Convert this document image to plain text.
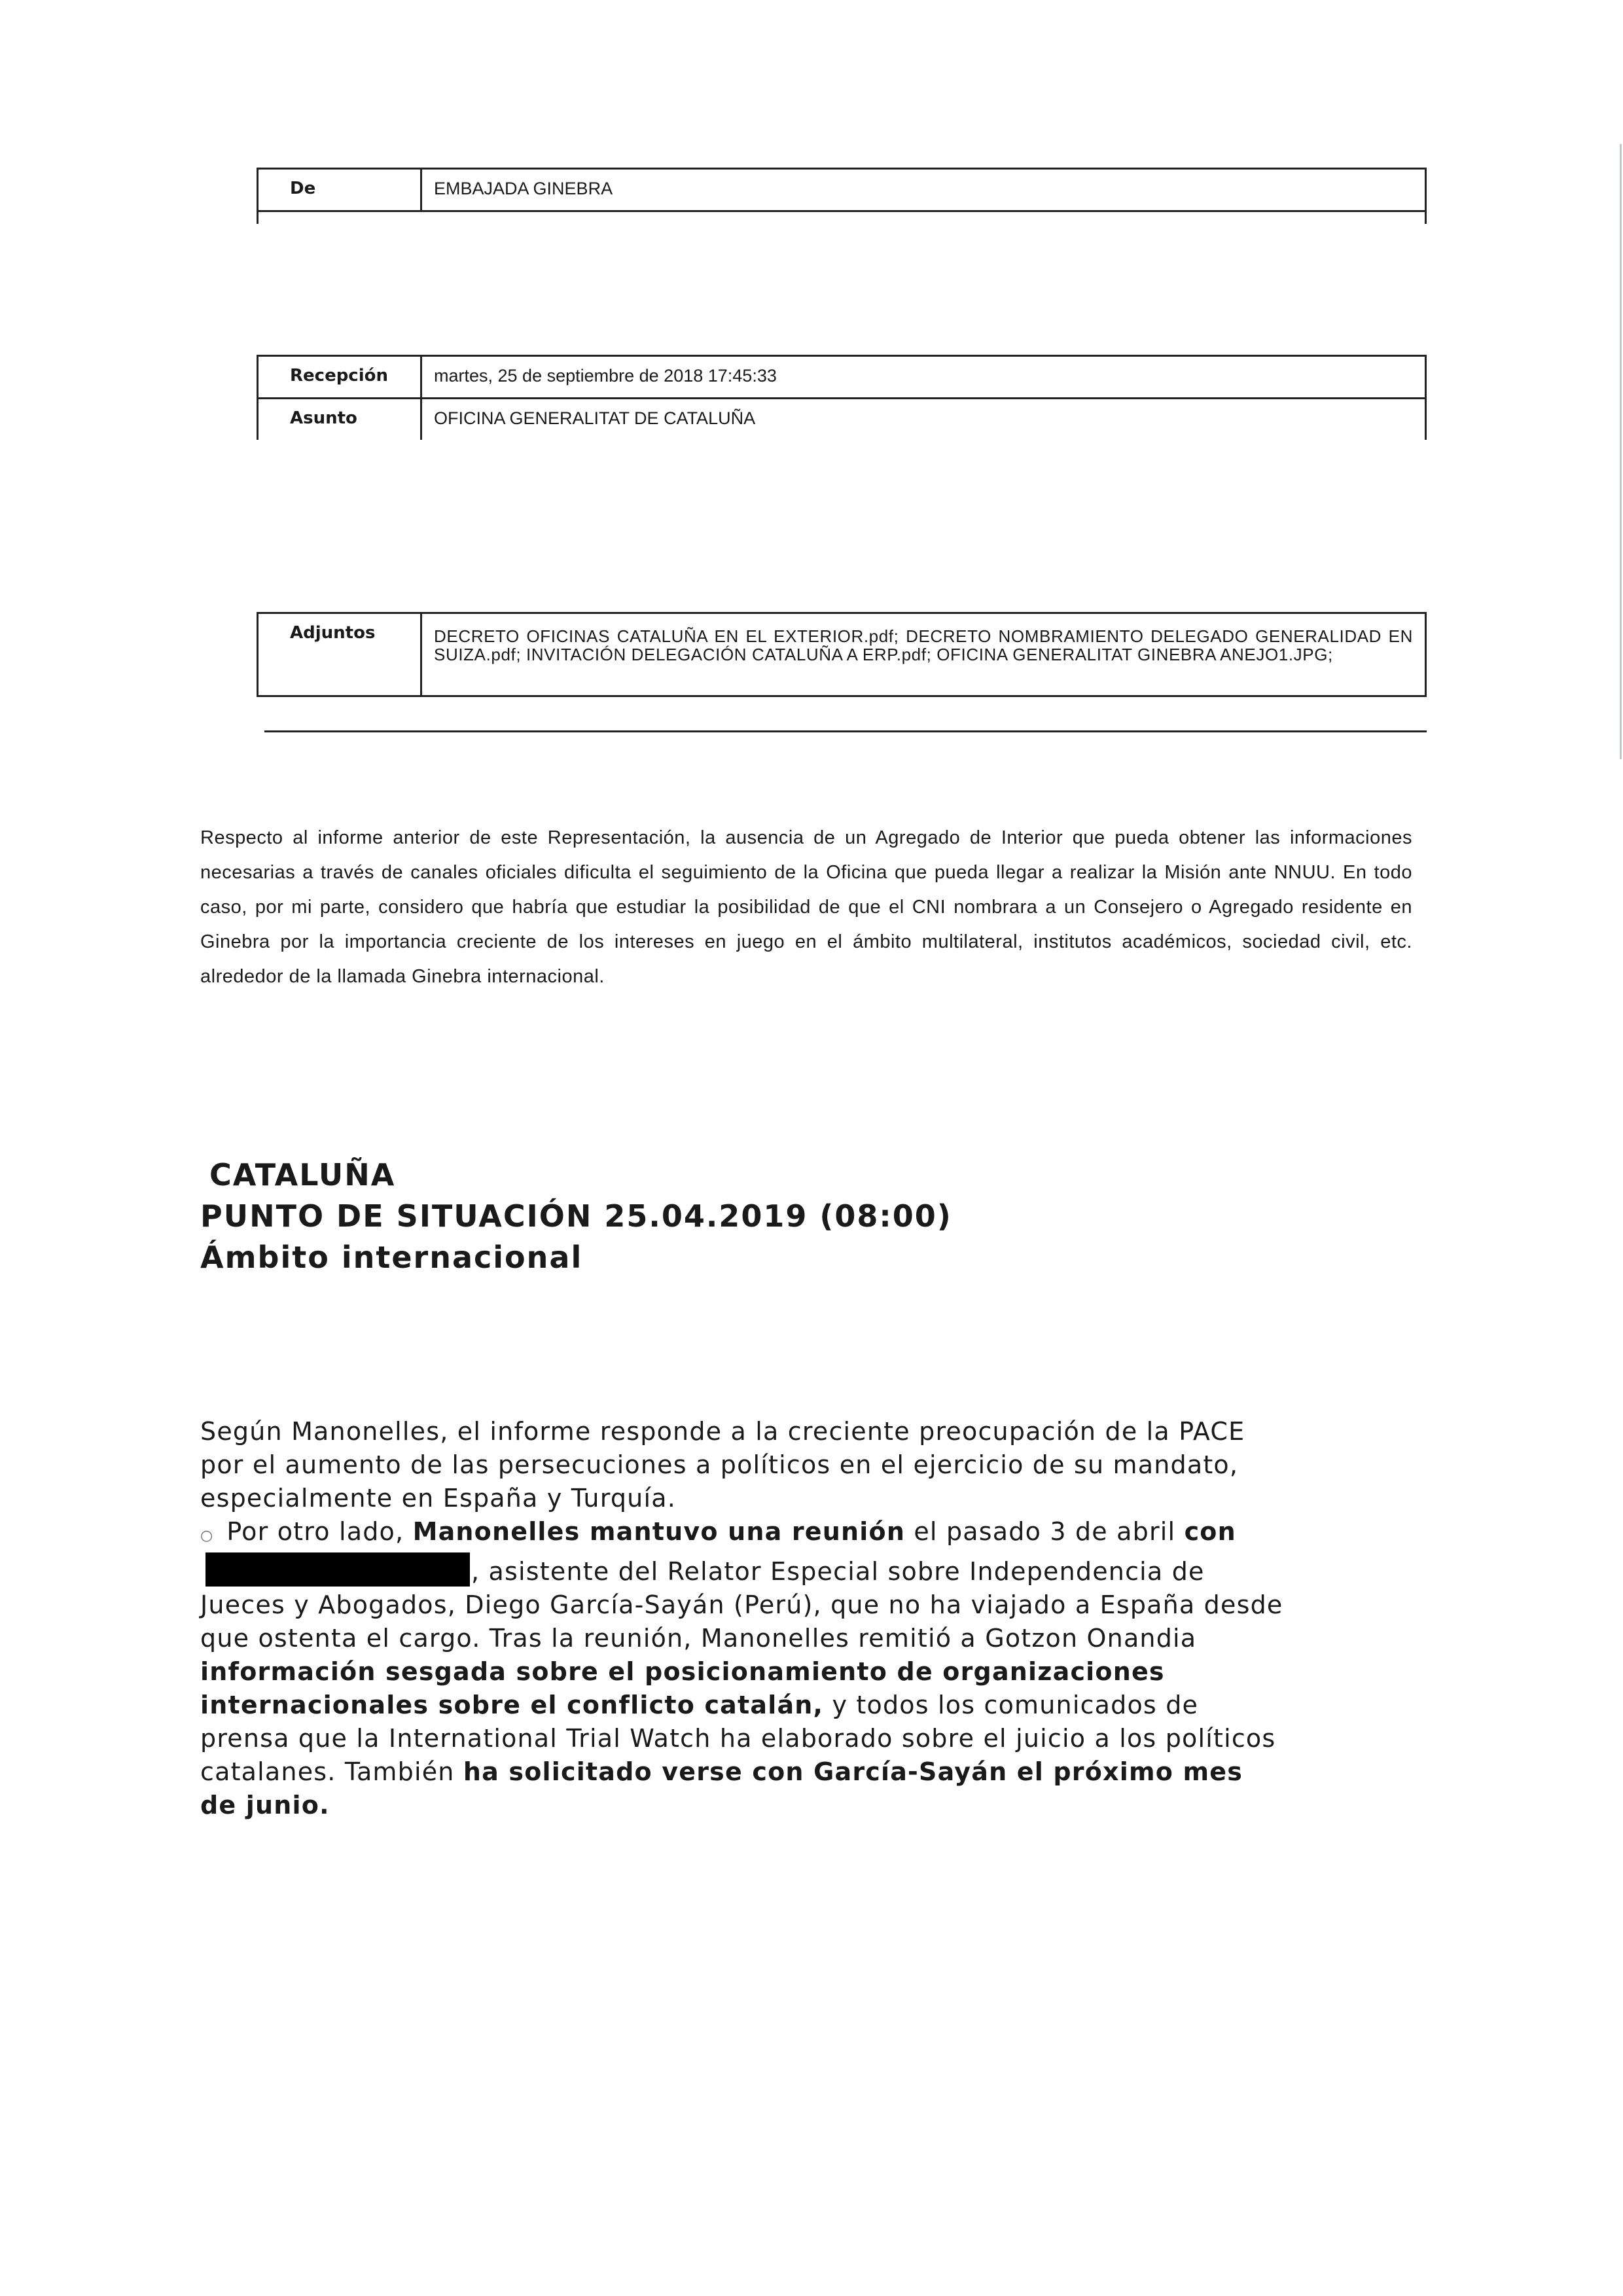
De	EMBAJADA GINEBRA
Recepción	martes, 25 de septiembre de 2018 17:45:33
Asunto	OFICINA GENERALITAT DE CATALUÑA
Adjuntos	DECRETO OFICINAS CATALUÑA EN EL EXTERIOR.pdf; DECRETO NOMBRAMIENTO DELEGADO GENERALIDAD EN SUIZA.pdf; INVITACIÓN DELEGACIÓN CATALUÑA A ERP.pdf; OFICINA GENERALITAT GINEBRA ANEJO1.JPG;
Respecto al informe anterior de este Representación, la ausencia de un Agregado de Interior que pueda obtener las informaciones necesarias a través de canales oficiales dificulta el seguimiento de la Oficina que pueda llegar a realizar la Misión ante NNUU. En todo caso, por mi parte, considero que habría que estudiar la posibilidad de que el CNI nombrara a un Consejero o Agregado residente en Ginebra por la importancia creciente de los intereses en juego en el ámbito multilateral, institutos académicos, sociedad civil, etc. alrededor de la llamada Ginebra internacional.
CATALUÑA
PUNTO DE SITUACIÓN 25.04.2019 (08:00)
Ámbito internacional
Según Manonelles, el informe responde a la creciente preocupación de la PACE por el aumento de las persecuciones a políticos en el ejercicio de su mandato, especialmente en España y Turquía.
○ Por otro lado, Manonelles mantuvo una reunión el pasado 3 de abril con, asistente del Relator Especial sobre Independencia de Jueces y Abogados, Diego García-Sayán (Perú), que no ha viajado a España desde que ostenta el cargo. Tras la reunión, Manonelles remitió a Gotzon Onandia información sesgada sobre el posicionamiento de organizaciones internacionales sobre el conflicto catalán, y todos los comunicados de prensa que la International Trial Watch ha elaborado sobre el juicio a los políticos catalanes. También ha solicitado verse con García-Sayán el próximo mes de junio.
